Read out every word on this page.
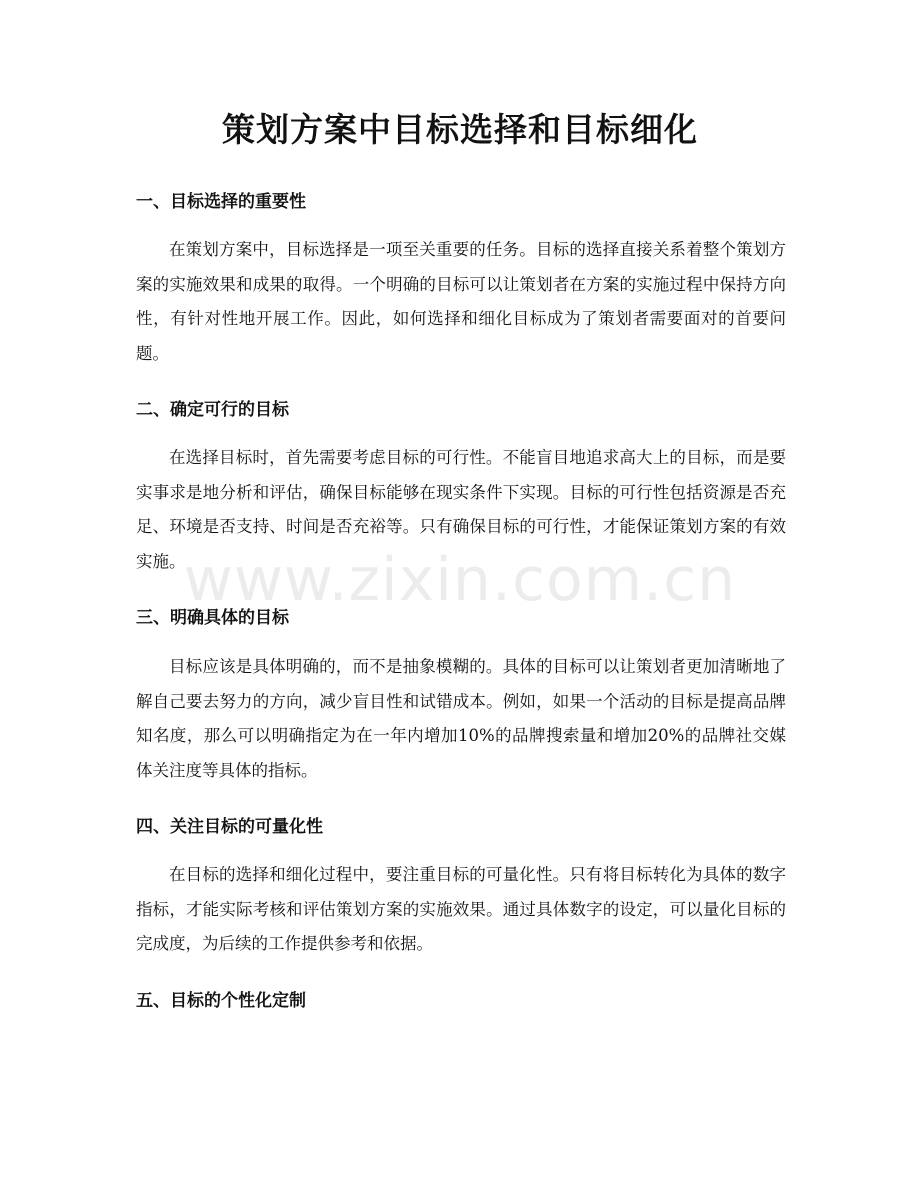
策划方案中目标选择和目标细化
一、目标选择的重要性

在策划方案中，目标选择是一项至关重要的任务。目标的选择直接关系着整个策划方案的实施效果和成果的取得。一个明确的目标可以让策划者在方案的实施过程中保持方向性，有针对性地开展工作。因此，如何选择和细化目标成为了策划者需要面对的首要问题。

二、确定可行的目标

在选择目标时，首先需要考虑目标的可行性。不能盲目地追求高大上的目标，而是要实事求是地分析和评估，确保目标能够在现实条件下实现。目标的可行性包括资源是否充足、环境是否支持、时间是否充裕等。只有确保目标的可行性，才能保证策划方案的有效实施。

三、明确具体的目标

目标应该是具体明确的，而不是抽象模糊的。具体的目标可以让策划者更加清晰地了解自己要去努力的方向，减少盲目性和试错成本。例如，如果一个活动的目标是提高品牌知名度，那么可以明确指定为在一年内增加10%的品牌搜索量和增加20%的品牌社交媒体关注度等具体的指标。

四、关注目标的可量化性

在目标的选择和细化过程中，要注重目标的可量化性。只有将目标转化为具体的数字指标，才能实际考核和评估策划方案的实施效果。通过具体数字的设定，可以量化目标的完成度，为后续的工作提供参考和依据。

五、目标的个性化定制
www.zixin.com.cn
